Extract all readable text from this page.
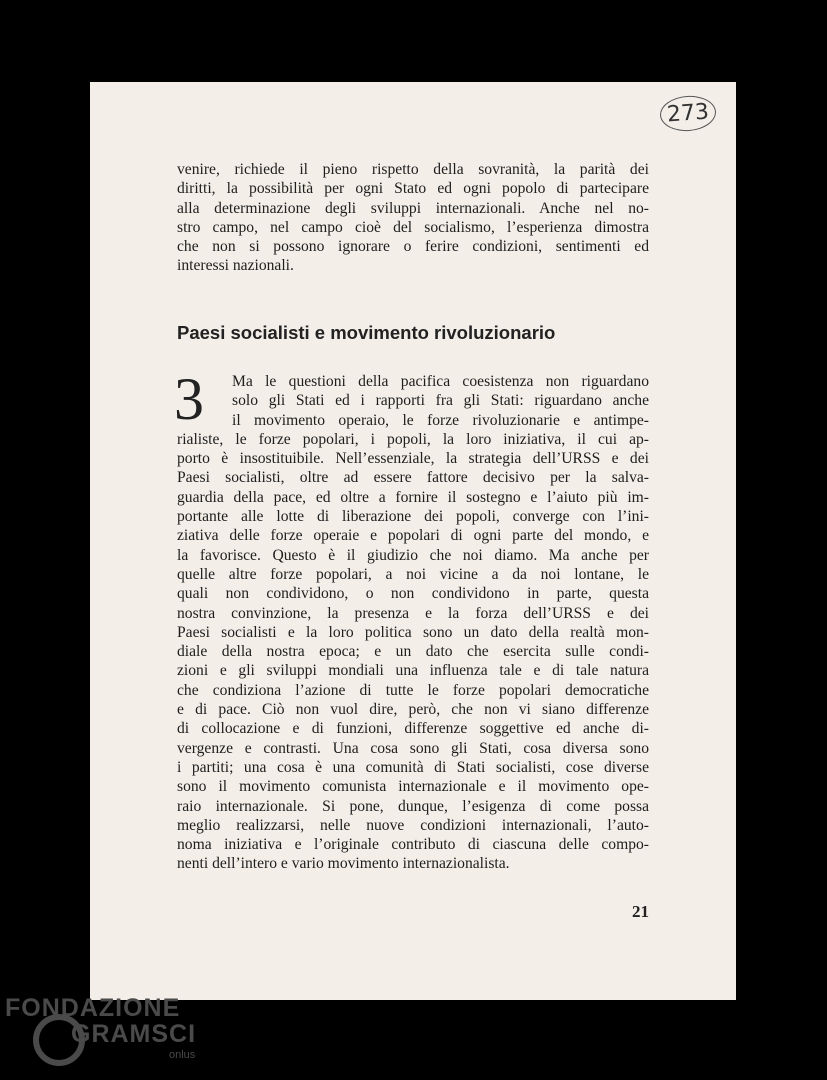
273
venire, richiede il pieno rispetto della sovranità, la parità dei
diritti, la possibilità per ogni Stato ed ogni popolo di partecipare
alla determinazione degli sviluppi internazionali. Anche nel no-
stro campo, nel campo cioè del socialismo, l’esperienza dimostra
che non si possono ignorare o ferire condizioni, sentimenti ed
interessi nazionali.
Paesi socialisti e movimento rivoluzionario
3 Ma le questioni della pacifica coesistenza non riguardano
solo gli Stati ed i rapporti fra gli Stati: riguardano anche
il movimento operaio, le forze rivoluzionarie e antimpe-
rialiste, le forze popolari, i popoli, la loro iniziativa, il cui ap-
porto è insostituibile. Nell’essenziale, la strategia dell’URSS e dei
Paesi socialisti, oltre ad essere fattore decisivo per la salva-
guardia della pace, ed oltre a fornire il sostegno e l’aiuto più im-
portante alle lotte di liberazione dei popoli, converge con l’ini-
ziativa delle forze operaie e popolari di ogni parte del mondo, e
la favorisce. Questo è il giudizio che noi diamo. Ma anche per
quelle altre forze popolari, a noi vicine a da noi lontane, le
quali non condividono, o non condividono in parte, questa
nostra convinzione, la presenza e la forza dell’URSS e dei
Paesi socialisti e la loro politica sono un dato della realtà mon-
diale della nostra epoca; e un dato che esercita sulle condi-
zioni e gli sviluppi mondiali una influenza tale e di tale natura
che condiziona l’azione di tutte le forze popolari democratiche
e di pace. Ciò non vuol dire, però, che non vi siano differenze
di collocazione e di funzioni, differenze soggettive ed anche di-
vergenze e contrasti. Una cosa sono gli Stati, cosa diversa sono
i partiti; una cosa è una comunità di Stati socialisti, cose diverse
sono il movimento comunista internazionale e il movimento ope-
raio internazionale. Si pone, dunque, l’esigenza di come possa
meglio realizzarsi, nelle nuove condizioni internazionali, l’auto-
noma iniziativa e l’originale contributo di ciascuna delle compo-
nenti dell’intero e vario movimento internazionalista.
21
FONDAZIONE
GRAMSCI
onlus
